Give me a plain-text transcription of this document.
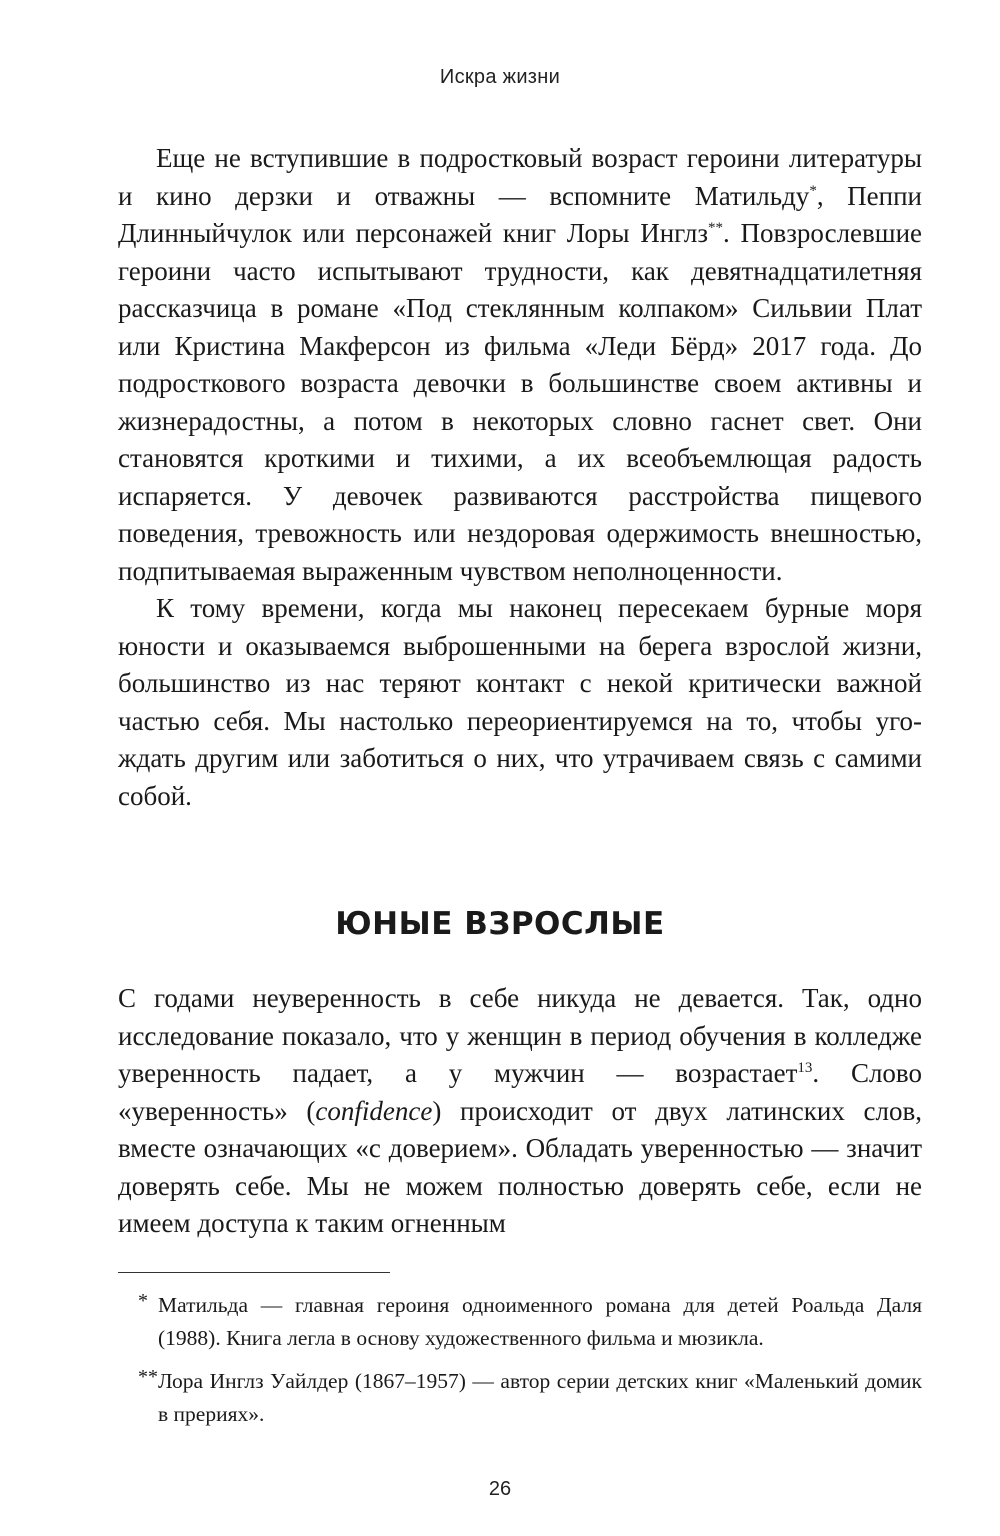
Искра жизни

Еще не вступившие в подростковый возраст героини литературы и кино дерзки и отважны — вспомните Матильду*, Пеппи Длинныйчулок или персонажей книг Лоры Инглз**. Повзрослевшие героини часто испытывают трудности, как девятнадцатилетняя рассказчица в романе «Под стеклянным колпаком» Сильвии Плат или Кристина Макферсон из фильма «Леди Бёрд» 2017 года. До подросткового возраста девочки в большинстве своем активны и жизнерадостны, а потом в некоторых словно гаснет свет. Они становятся кроткими и тихими, а их всеобъемлющая радость испаряется. У девочек развиваются расстройства пищевого поведения, тревожность или нездоровая одержимость внешностью, подпитываемая выраженным чувством неполноценности.

К тому времени, когда мы наконец пересекаем бурные моря юности и оказываемся выброшенными на берега взрослой жизни, большинство из нас теряют контакт с некой критически важной частью себя. Мы настолько переориентируемся на то, чтобы угождать другим или заботиться о них, что утрачиваем связь с самими собой.

ЮНЫЕ ВЗРОСЛЫЕ

С годами неуверенность в себе никуда не девается. Так, одно исследование показало, что у женщин в период обучения в колледже уверенность падает, а у мужчин — возрастает$^{13}$. Слово «уверенность» (confidence) происходит от двух латинских слов, вместе означающих «с доверием». Обладать уверенностью — значит доверять себе. Мы не можем полностью доверять себе, если не имеем доступа к таким огненным

* Матильда — главная героиня одноименного романа для детей Роальда Даля (1988). Книга легла в основу художественного фильма и мюзикла.

** Лора Инглз Уайлдер (1867–1957) — автор серии детских книг «Маленький домик в прериях».

26
